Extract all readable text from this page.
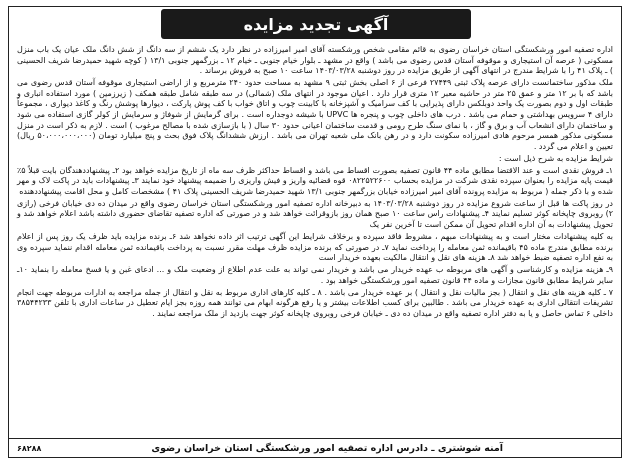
آگهی تجدید مزایده

اداره تصفیه امور ورشکستگی استان خراسان رضوی به قائم مقامی شخص ورشکسته آقای امیر امیرزاده در نظر دارد یک ششم از سه دانگ از شش دانگ ملک عیان یک باب منزل مسکونی ( عرصه آن استیجاری و موقوفه آستان قدس رضوی می باشد ) واقع در مشهد ـ بلوار خیام جنوبی ـ خیام ۱۲ ـ بزرگمهر جنوبی ۱۳/۱ ( کوچه شهید حمیدرضا شریف الحسینی ) ـ پلاک ۴۱ را با شرایط مندرج در انتهای آگهی از طریق مزایده در روز دوشنبه ۱۴۰۳/۰۳/۲۸ ساعت ۱۰ صبح به فروش برساند .

ملک مذکور ساختمانست دارای عرصه پلاک ثبتی ۲۷۴۴۹ فرعی از ۶ اصلی بخش ثبتی ۹ مشهد به مساحت حدود ۲۴۰ مترمربع و از اراضی استیجاری موقوفه آستان قدس رضوی می باشد که با بر ۱۲ متر و عمق ۲۵ متر در حاشیه معبر ۱۲ متری قرار دارد . اعیان موجود در انتهای ملک (شمالی) در سه طبقه شامل طبقه همکف ( زیرزمین ) مورد استفاده انباری و طبقات اول و دوم بصورت یک واحد دوبلکس دارای پذیرایی با کف سرامیک و آشپزخانه با کابینت چوب و اتاق خواب با کف پوش پارکت ، دیوارها پوشش رنگ و کاغذ دیواری ، مجموعاً دارای ۴ سرویس بهداشتی و حمام می باشد . درب های داخلی چوب و پنجره ها UPVC با شیشه دوجداره است . برای گرمایش از شوفاژ و سرمایش از کولر گازی استفاده می شود و ساختمان دارای انشعاب آب و برق و گاز ، با نمای سنگ طرح رومی و قدمت ساختمان اعیانی حدود ۳۰ سال ( با بازسازی شده با مصالح مرغوب ) است . لازم به ذکر است در منزل مسکونی مذکور همسر مرحوم هادی امیرزاده سکونت دارد و در رهن بانک ملی شعبه تهران می باشد . ارزش ششدانگ پلاک فوق بحث و پنج میلیارد تومان (۵۰،۰۰۰،۰۰۰،۰۰۰ ریال) تعیین و اعلام می گردد .

شرایط مزایده به شرح ذیل است :

۱ـ فروش نقدی است و عند الاقتضا مطابق ماده ۴۴ قانون تصفیه بصورت اقساط می باشد و اقساط حداکثر ظرف سه ماه از تاریخ مزایده خواهد بود ۲ـ پیشنهاددهندگان بایت قبلاً ۵٪ قیمت پایه مزایده را بعنوان سپرده نقدی شرکت در مزایده بحساب ۰۸۲۲۵۲۲۶۰۰ قوه قضائیه واریز و فیش واریزی را ضمیمه پیشنهاد خود نمایند ۳ـ پیشنهادات باید در پاکت لاک و مهر شده و با ذکر جمله ( مربوط به مزایده پرونده آقای امیر امیرزاده خیابان بزرگمهر جنوبی ۱۳/۱ شهید حمیدرضا شریف الحسینی پلاک ۴۱ ) مشخصات کامل و محل اقامت پیشنهاددهنده

در روز پاکت ها قبل از ساعت شروع مزایده در روز دوشنبه ۱۴۰۳/۰۳/۲۸ به دبیرخانه اداره تصفیه امور ورشکستگی استان خراسان رضوی واقع در میدان ده دی خیابان فرخی (رازی ۲) روبروی چاپخانه کوثر تسلیم نمایند ۴ـ پیشنهادات راس ساعت ۱۰ صبح همان روز بازوقرائت خواهد شد و در صورتی که اداره تصفیه تقاضای حضوری داشته باشد اعلام خواهد شد و تحویل پیشنهادات به آن اداره اقدام تحویل آن ممکن است تا آخرین نفر یک

به کلیه پیشنهادات مختار است و به پیشنهادات مبهم ، مشروط فاقد سپرده و برخلاف شرایط این آگهی ترتیب اثر داده نخواهد شد ۶ـ برنده مزایده باید ظرف یک روز پس از اعلام برنده مطابق مندرج ماده ۴۵ باقیمانده ثمن معامله را پرداخت نماید ۷ـ در صورتی که برنده مزایده ظرف مهلت مقرر نسبت به پرداخت باقیمانده ثمن معامله اقدام ننماید سپرده وی به نفع اداره تصفیه ضبط خواهد شد ۸ـ هزینه های نقل و انتقال مالکیت بعهده خریدار است

۹ـ هزینه مزایده و کارشناسی و آگهی های مربوطه ب عهده خریدار می باشد و خریدار نمی تواند به علت عدم اطلاع از وضعیت ملک و ... ادعای غبن و یا فسخ معامله را بنماید ۱۰ـ سایر شرایط مطابق قانون مجازات و ماده ۴۴ قانون تصفیه امور ورشکستگی خواهد بود .

۷ ـ کلیه هزینه های نقل و انتقال ( بجز مالیات نقل و انتقال ) بر عهده خریدار می باشد . ۸ ـ کلیه کارهای اداری مربوط به نقل و انتقال از جمله مراجعه به ادارات مربوطه جهت انجام تشریفات انتقالی اداری به عهده خریدار می باشد . طالبین برای کسب اطلاعات بیشتر و یا رفع هرگونه ابهام می توانند همه روزه بجز ایام تعطیل در ساعات اداری با تلفن ۳۸۵۴۴۲۳۳ داخلی ۶ تماس حاصل و یا به دفتر اداره تصفیه واقع در میدان ده دی ـ خیابان فرخی روبروی چاپخانه کوثر جهت بازدید از ملک مراجعه نمایند .

آمنه شوشتری ـ دادرس اداره تصفیه امور ورشکستگی استان خراسان رضوی
۶۸۲۸۸
